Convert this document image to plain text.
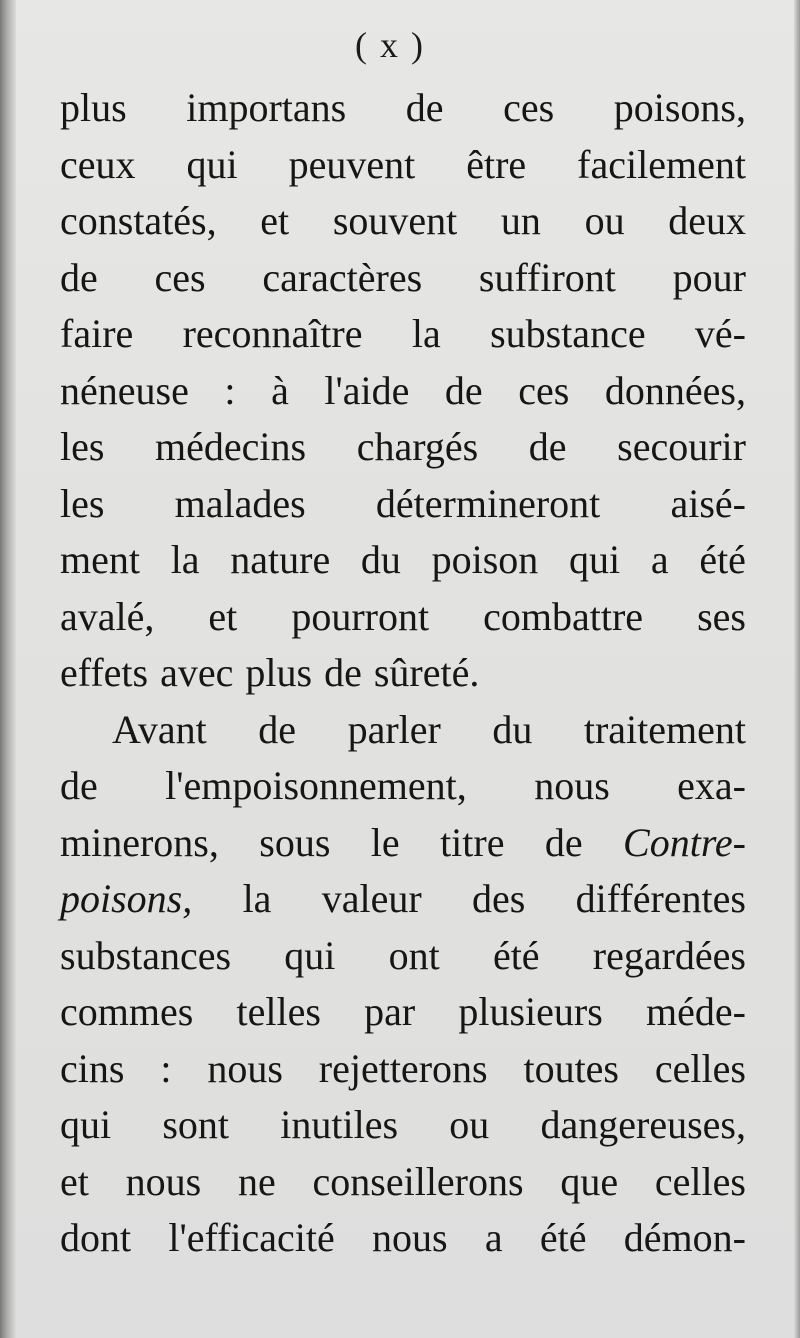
( x )
plus importans de ces poisons,
ceux qui peuvent être facilement
constatés, et souvent un ou deux
de ces caractères suffiront pour
faire reconnaître la substance vé-
néneuse : à l'aide de ces données,
les médecins chargés de secourir
les malades détermineront aisé-
ment la nature du poison qui a été
avalé, et pourront combattre ses
effets avec plus de sûreté.
Avant de parler du traitement
de l'empoisonnement, nous exa-
minerons, sous le titre de Contre-
poisons, la valeur des différentes
substances qui ont été regardées
commes telles par plusieurs méde-
cins : nous rejetterons toutes celles
qui sont inutiles ou dangereuses,
et nous ne conseillerons que celles
dont l'efficacité nous a été démon-
